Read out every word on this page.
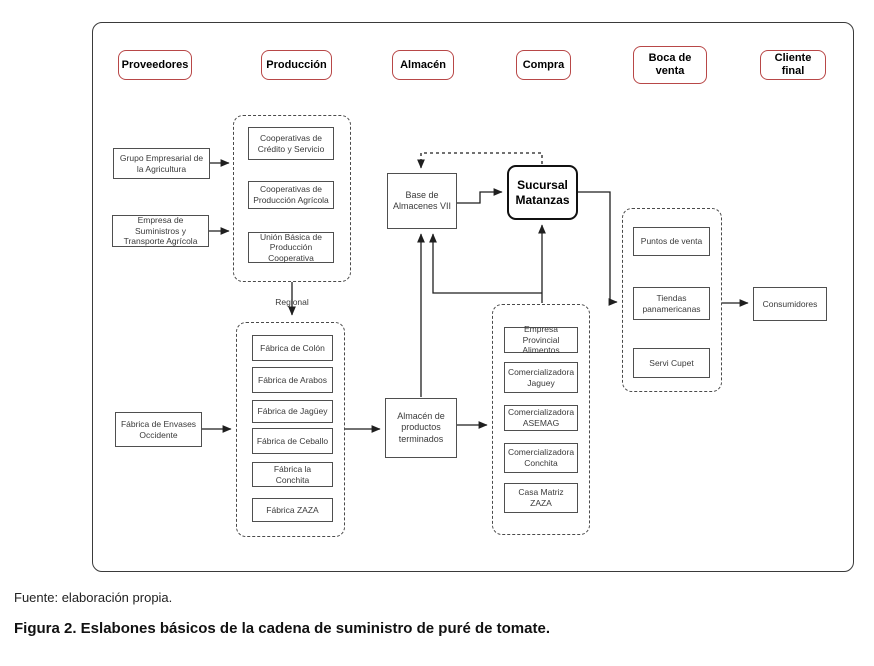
Proveedores	Producción	Almacén	Compra
Boca de venta
Cliente final
Grupo Empresarial de la Agricultura
Empresa de Suministros y Transporte Agrícola
Fábrica de Envases Occidente
Cooperativas de Crédito y Servicio
Cooperativas de Producción Agrícola
Unión Básica de Producción Cooperativa
Regional
Fábrica de Colón
Fábrica de Arabos
Fábrica de Jagüey
Fábrica de Ceballo
Fábrica la Conchita
Fábrica ZAZA
Almacén de productos terminados
Base de Almacenes VII
Sucursal Matanzas
Empresa Provincial Alimentos
Comercializadora Jaguey
Comercializadora ASEMAG
Comercializadora Conchita
Casa Matriz ZAZA
Puntos de venta
Tiendas panamericanas
Servi Cupet
Consumidores
Fuente: elaboración propia.
Figura 2. Eslabones básicos de la cadena de suministro de puré de tomate.
